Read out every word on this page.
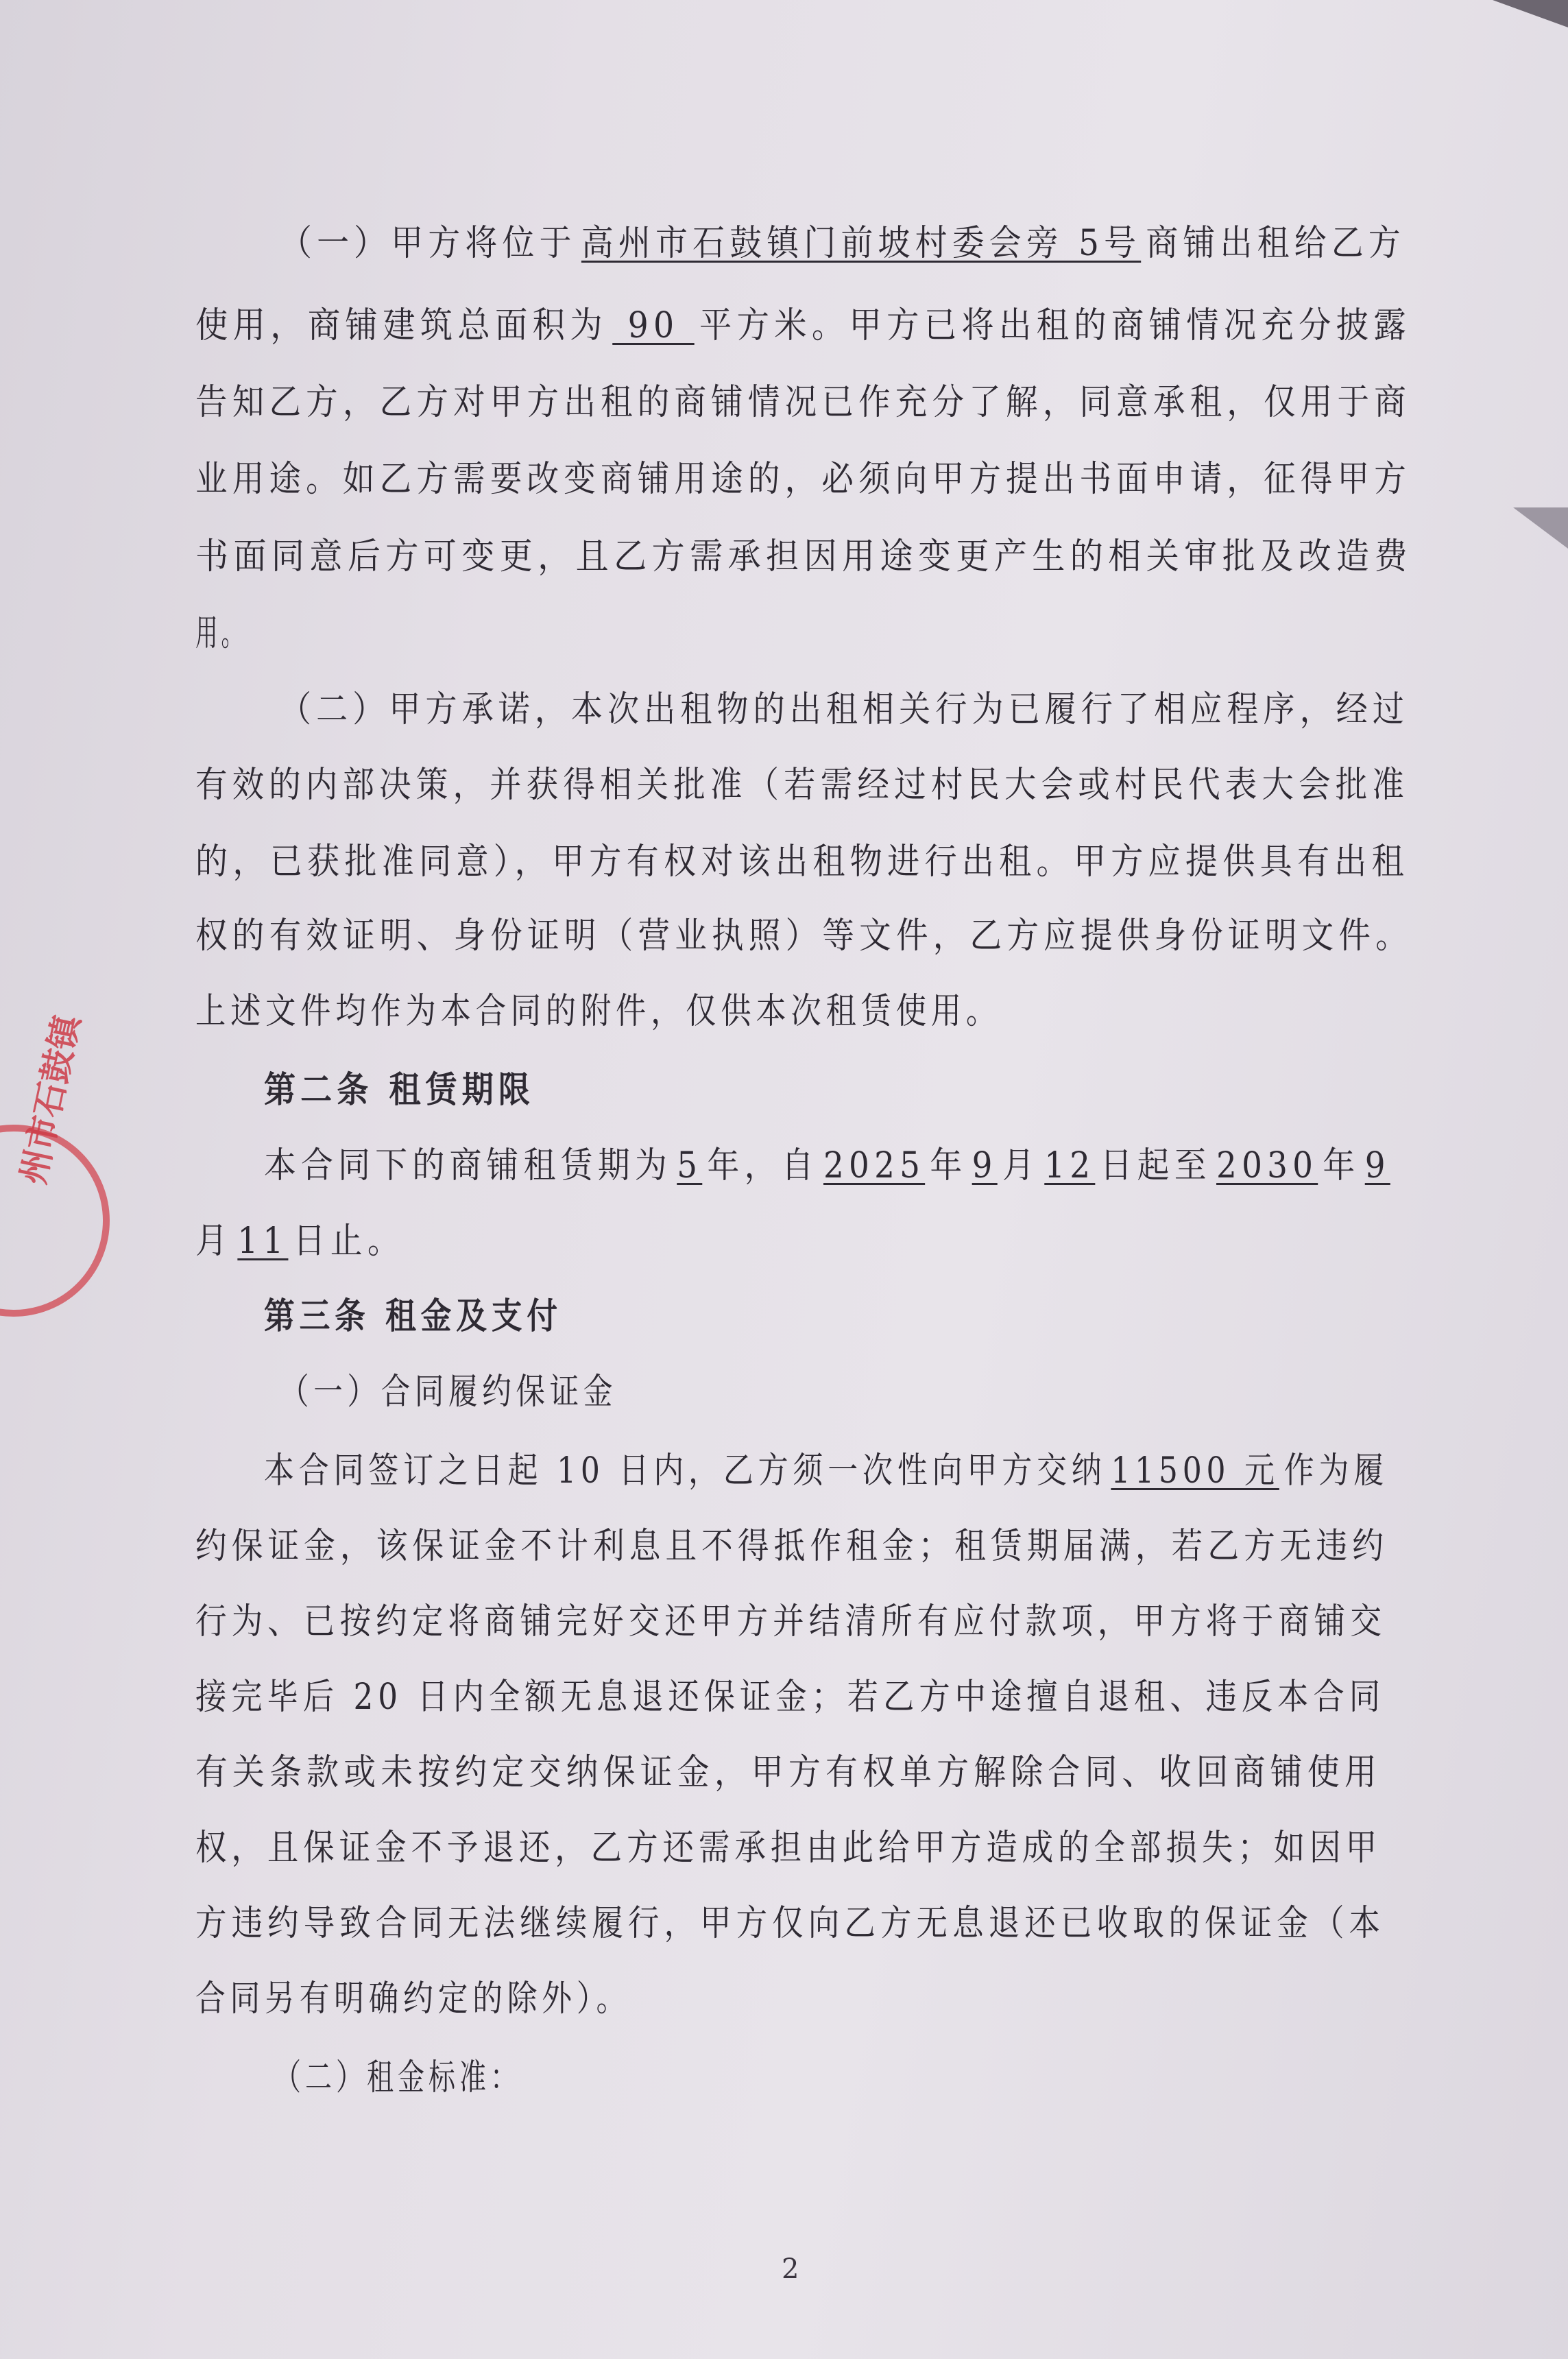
州市石鼓镇
（一）甲方将位于 高州市石鼓镇门前坡村委会旁 5号 商铺出租给乙方
使用，商铺建筑总面积为 90 平方米。甲方已将出租的商铺情况充分披露
告知乙方，乙方对甲方出租的商铺情况已作充分了解，同意承租，仅用于商
业用途。如乙方需要改变商铺用途的，必须向甲方提出书面申请，征得甲方
书面同意后方可变更，且乙方需承担因用途变更产生的相关审批及改造费
用。
（二）甲方承诺，本次出租物的出租相关行为已履行了相应程序，经过
有效的内部决策，并获得相关批准（若需经过村民大会或村民代表大会批准
的，已获批准同意），甲方有权对该出租物进行出租。甲方应提供具有出租
权的有效证明、身份证明（营业执照）等文件，乙方应提供身份证明文件。
上述文件均作为本合同的附件，仅供本次租赁使用。
第二条 租赁期限
本合同下的商铺租赁期为 5 年，自 2025 年 9 月 12 日起至 2030 年 9
月 11 日止。
第三条 租金及支付
（一）合同履约保证金
本合同签订之日起 10 日内，乙方须一次性向甲方交纳 11500 元 作为履
约保证金，该保证金不计利息且不得抵作租金；租赁期届满，若乙方无违约
行为、已按约定将商铺完好交还甲方并结清所有应付款项，甲方将于商铺交
接完毕后 20 日内全额无息退还保证金；若乙方中途擅自退租、违反本合同
有关条款或未按约定交纳保证金，甲方有权单方解除合同、收回商铺使用
权，且保证金不予退还，乙方还需承担由此给甲方造成的全部损失；如因甲
方违约导致合同无法继续履行，甲方仅向乙方无息退还已收取的保证金（本
合同另有明确约定的除外）。
（二）租金标准：
2
